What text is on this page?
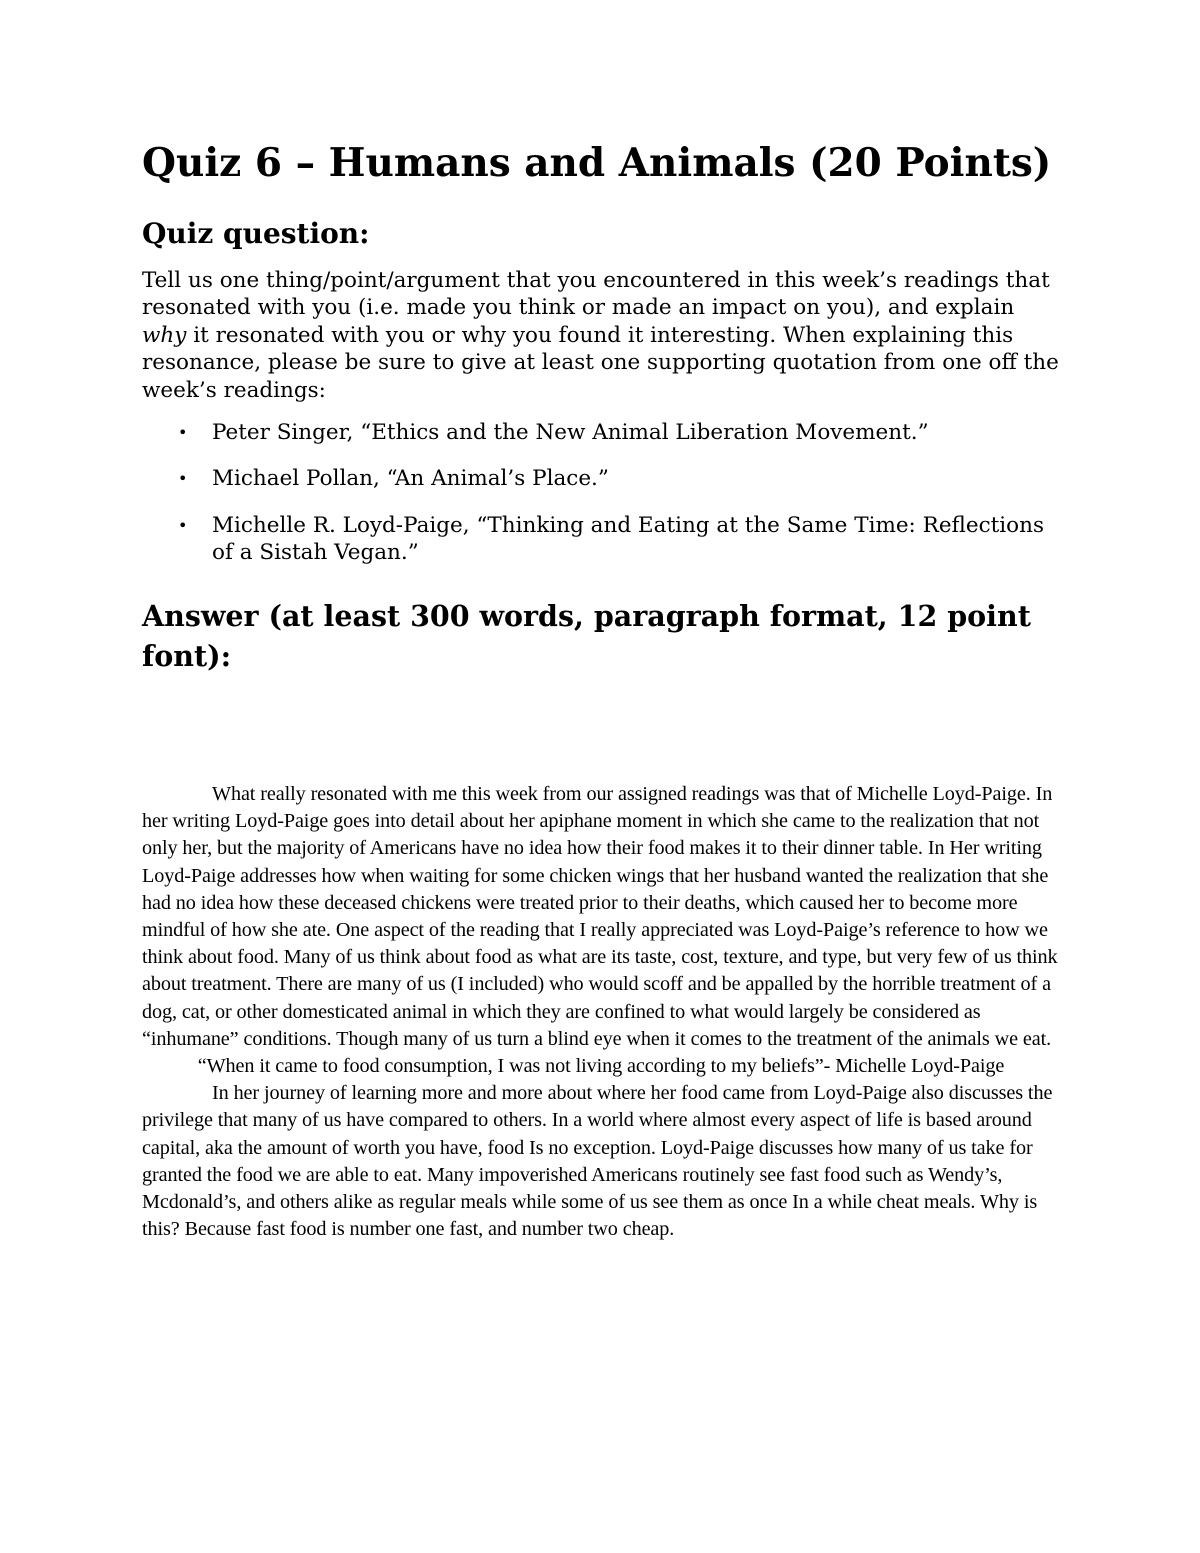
Quiz 6 – Humans and Animals (20 Points)
Quiz question:

Tell us one thing/point/argument that you encountered in this week’s readings that resonated with you (i.e. made you think or made an impact on you), and explain why it resonated with you or why you found it interesting. When explaining this resonance, please be sure to give at least one supporting quotation from one off the week’s readings:

• Peter Singer, “Ethics and the New Animal Liberation Movement.”
• Michael Pollan, “An Animal’s Place.”
• Michelle R. Loyd-Paige, “Thinking and Eating at the Same Time: Reflections of a Sistah Vegan.”
Answer (at least 300 words, paragraph format, 12 point font):

What really resonated with me this week from our assigned readings was that of Michelle Loyd-Paige. In her writing Loyd-Paige goes into detail about her apiphane moment in which she came to the realization that not only her, but the majority of Americans have no idea how their food makes it to their dinner table. In Her writing Loyd-Paige addresses how when waiting for some chicken wings that her husband wanted the realization that she had no idea how these deceased chickens were treated prior to their deaths, which caused her to become more mindful of how she ate. One aspect of the reading that I really appreciated was Loyd-Paige’s reference to how we think about food. Many of us think about food as what are its taste, cost, texture, and type, but very few of us think about treatment. There are many of us (I included) who would scoff and be appalled by the horrible treatment of a dog, cat, or other domesticated animal in which they are confined to what would largely be considered as “inhumane” conditions. Though many of us turn a blind eye when it comes to the treatment of the animals we eat.

“When it came to food consumption, I was not living according to my beliefs”- Michelle Loyd-Paige

In her journey of learning more and more about where her food came from Loyd-Paige also discusses the privilege that many of us have compared to others. In a world where almost every aspect of life is based around capital, aka the amount of worth you have, food Is no exception. Loyd-Paige discusses how many of us take for granted the food we are able to eat. Many impoverished Americans routinely see fast food such as Wendy’s, Mcdonald’s, and others alike as regular meals while some of us see them as once In a while cheat meals. Why is this? Because fast food is number one fast, and number two cheap.
